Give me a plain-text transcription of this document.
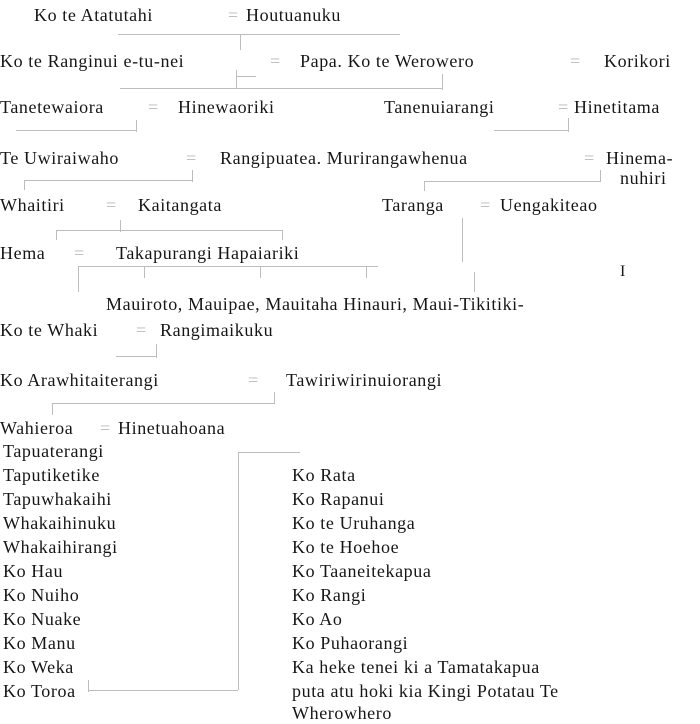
Ko te Atatutahi	= Houtuanuku
Ko te Ranginui e-tu-nei	= Papa. Ko te Werowero	= Korikori
Tanetewaiora = Hinewaoriki	Tanenuiarangi	= Hinetitama
Te Uwiraiwaho	= Rangipuatea. Murirangawhenua	= Hinema-
nuhiri
Whaitiri = Kaitangata	Taranga = Uengakiteao
Hema = Takapurangi Hapaiariki
I
Mauiroto, Mauipae, Mauitaha Hinauri, Maui-Tikitiki-
Ko te Whaki = Rangimaikuku
Ko Arawhitaiterangi	= Tawiriwirinuiorangi
Wahieroa = Hinetuahoana
Tapuaterangi
Taputiketike
Tapuwhakaihi
Whakaihinuku
Whakaihirangi
Ko Hau
Ko Nuiho
Ko Nuake
Ko Manu
Ko Weka
Ko Toroa
Ko Rata
Ko Rapanui
Ko te Uruhanga
Ko te Hoehoe
Ko Taaneitekapua
Ko Rangi
Ko Ao
Ko Puhaorangi
Ka heke tenei ki a Tamatakapua
puta atu hoki kia Kingi Potatau Te
Wherowhero
